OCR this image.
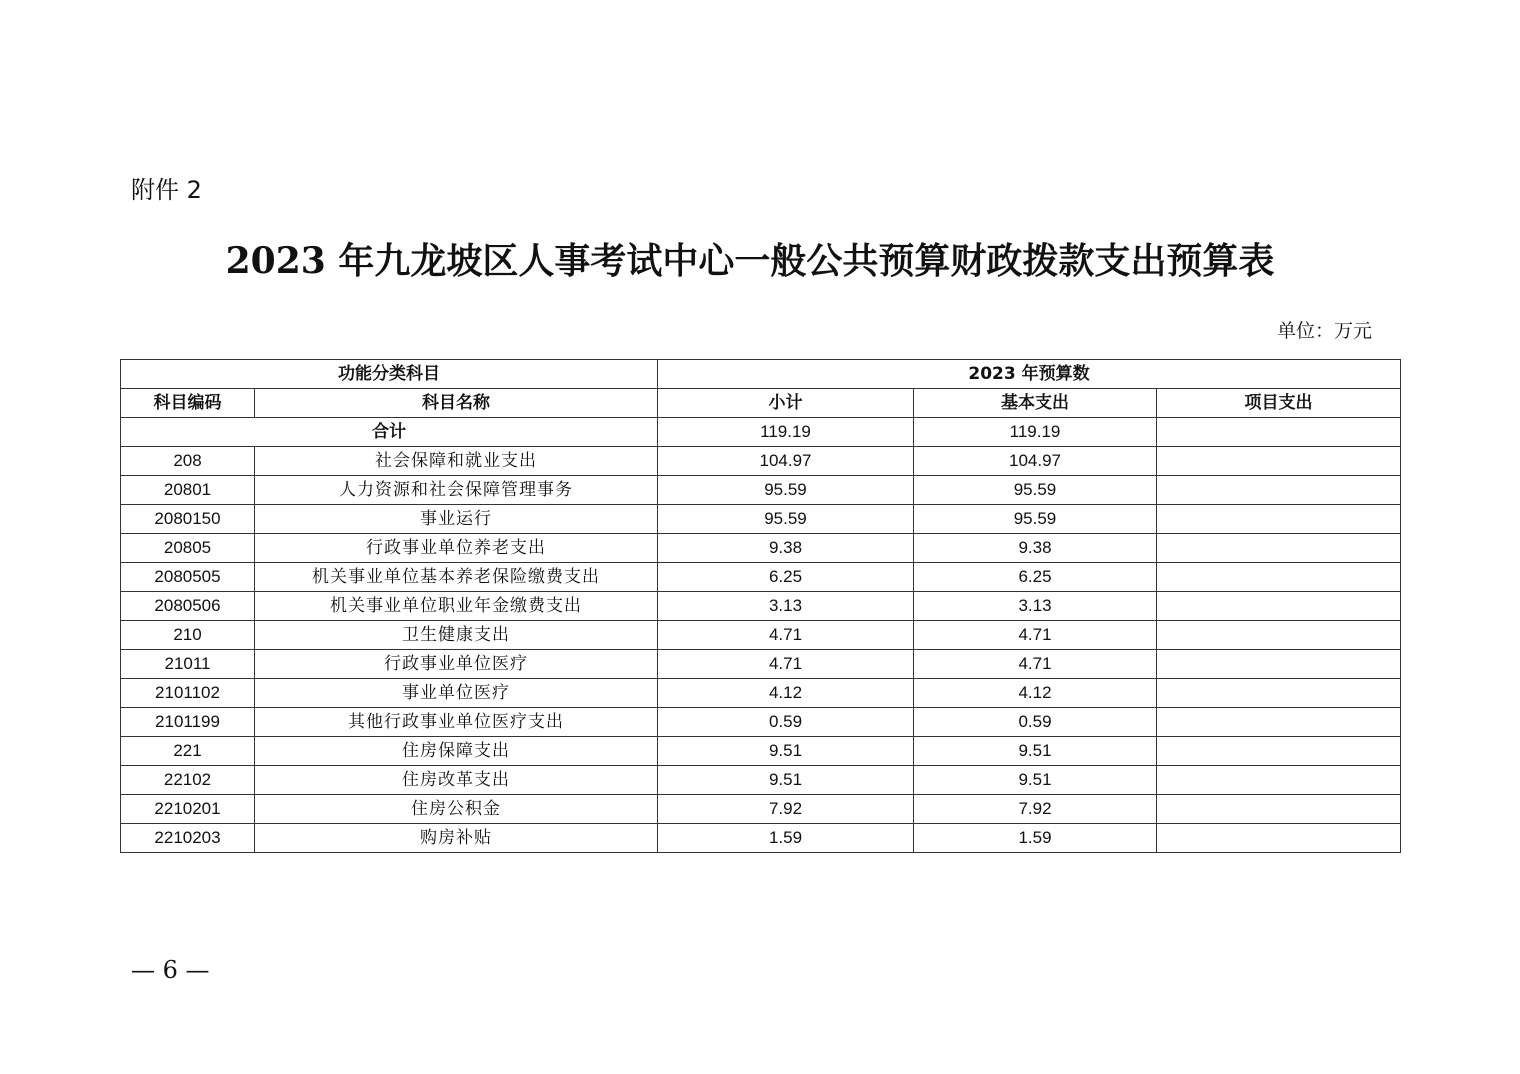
附件 2
2023 年九龙坡区人事考试中心一般公共预算财政拨款支出预算表
单位：万元
功能分类科目		2023 年预算数		
科目编码	科目名称	小计	基本支出	项目支出
合计		119.19	119.19	
208	社会保障和就业支出	104.97	104.97	
20801	人力资源和社会保障管理事务	95.59	95.59	
2080150	事业运行	95.59	95.59	
20805	行政事业单位养老支出	9.38	9.38	
2080505	机关事业单位基本养老保险缴费支出	6.25	6.25	
2080506	机关事业单位职业年金缴费支出	3.13	3.13	
210	卫生健康支出	4.71	4.71	
21011	行政事业单位医疗	4.71	4.71	
2101102	事业单位医疗	4.12	4.12	
2101199	其他行政事业单位医疗支出	0.59	0.59	
221	住房保障支出	9.51	9.51	
22102	住房改革支出	9.51	9.51	
2210201	住房公积金	7.92	7.92	
2210203	购房补贴	1.59	1.59	
— 6 —
